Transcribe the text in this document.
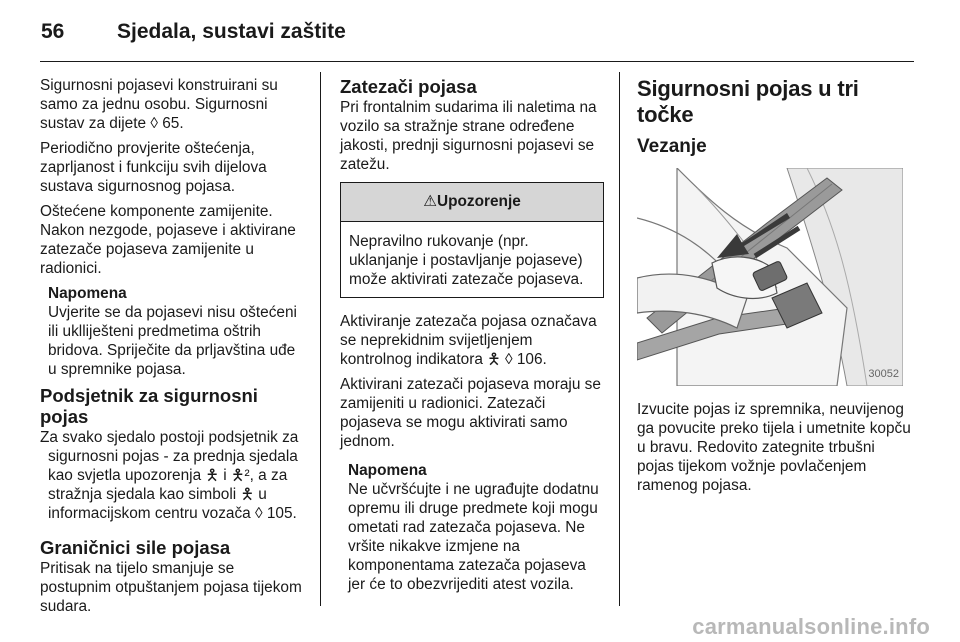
56	Sjedala, sustavi zaštite

Sigurnosni pojasevi konstruirani su samo za jednu osobu. Sigurnosni sustav za dijete ◊ 65.

Periodično provjerite oštećenja, zaprljanost i funkciju svih dijelova sustava sigurnosnog pojasa.

Oštećene komponente zamijenite. Nakon nezgode, pojaseve i aktivirane zatezače pojaseva zamijenite u radionici.

Napomena
Uvjerite se da pojasevi nisu oštećeni ili uklliješteni predmetima oštrih bridova. Spriječite da prljavština uđe u spremnike pojasa.
Podsjetnik za sigurnosni pojas

Za svako sjedalo postoji podsjetnik za sigurnosni pojas - za prednja sjedala kao svjetla upozorenja 🯅 i 🯅², a za stražnja sjedala kao simboli 🯅 u informacijskom centru vozača ◊ 105.

Graničnici sile pojasa

Pritisak na tijelo smanjuje se postupnim otpuštanjem pojasa tijekom sudara.

Zatezači pojasa

Pri frontalnim sudarima ili naletima na vozilo sa stražnje strane određene jakosti, prednji sigurnosni pojasevi se zatežu.

⚠Upozorenje
Nepravilno rukovanje (npr. uklanjanje i postavljanje pojaseve) može aktivirati zatezače pojaseva.

Aktiviranje zatezača pojasa označava se neprekidnim svijetljenjem kontrolnog indikatora 🯅 ◊ 106.

Aktivirani zatezači pojaseva moraju se zamijeniti u radionici. Zatezači pojaseva se mogu aktivirati samo jednom.

Napomena
Ne učvršćujte i ne ugrađujte dodatnu opremu ili druge predmete koji mogu ometati rad zatezača pojaseva. Ne vršite nikakve izmjene na komponentama zatezača pojaseva jer će to obezvrijediti atest vozila.
Sigurnosni pojas u tri točke
Vezanje
30052

Izvucite pojas iz spremnika, neuvijenog ga povucite preko tijela i umetnite kopču u bravu. Redovito zategnite trbušni pojas tijekom vožnje povlačenjem ramenog pojasa.

carmanualsonline.info
